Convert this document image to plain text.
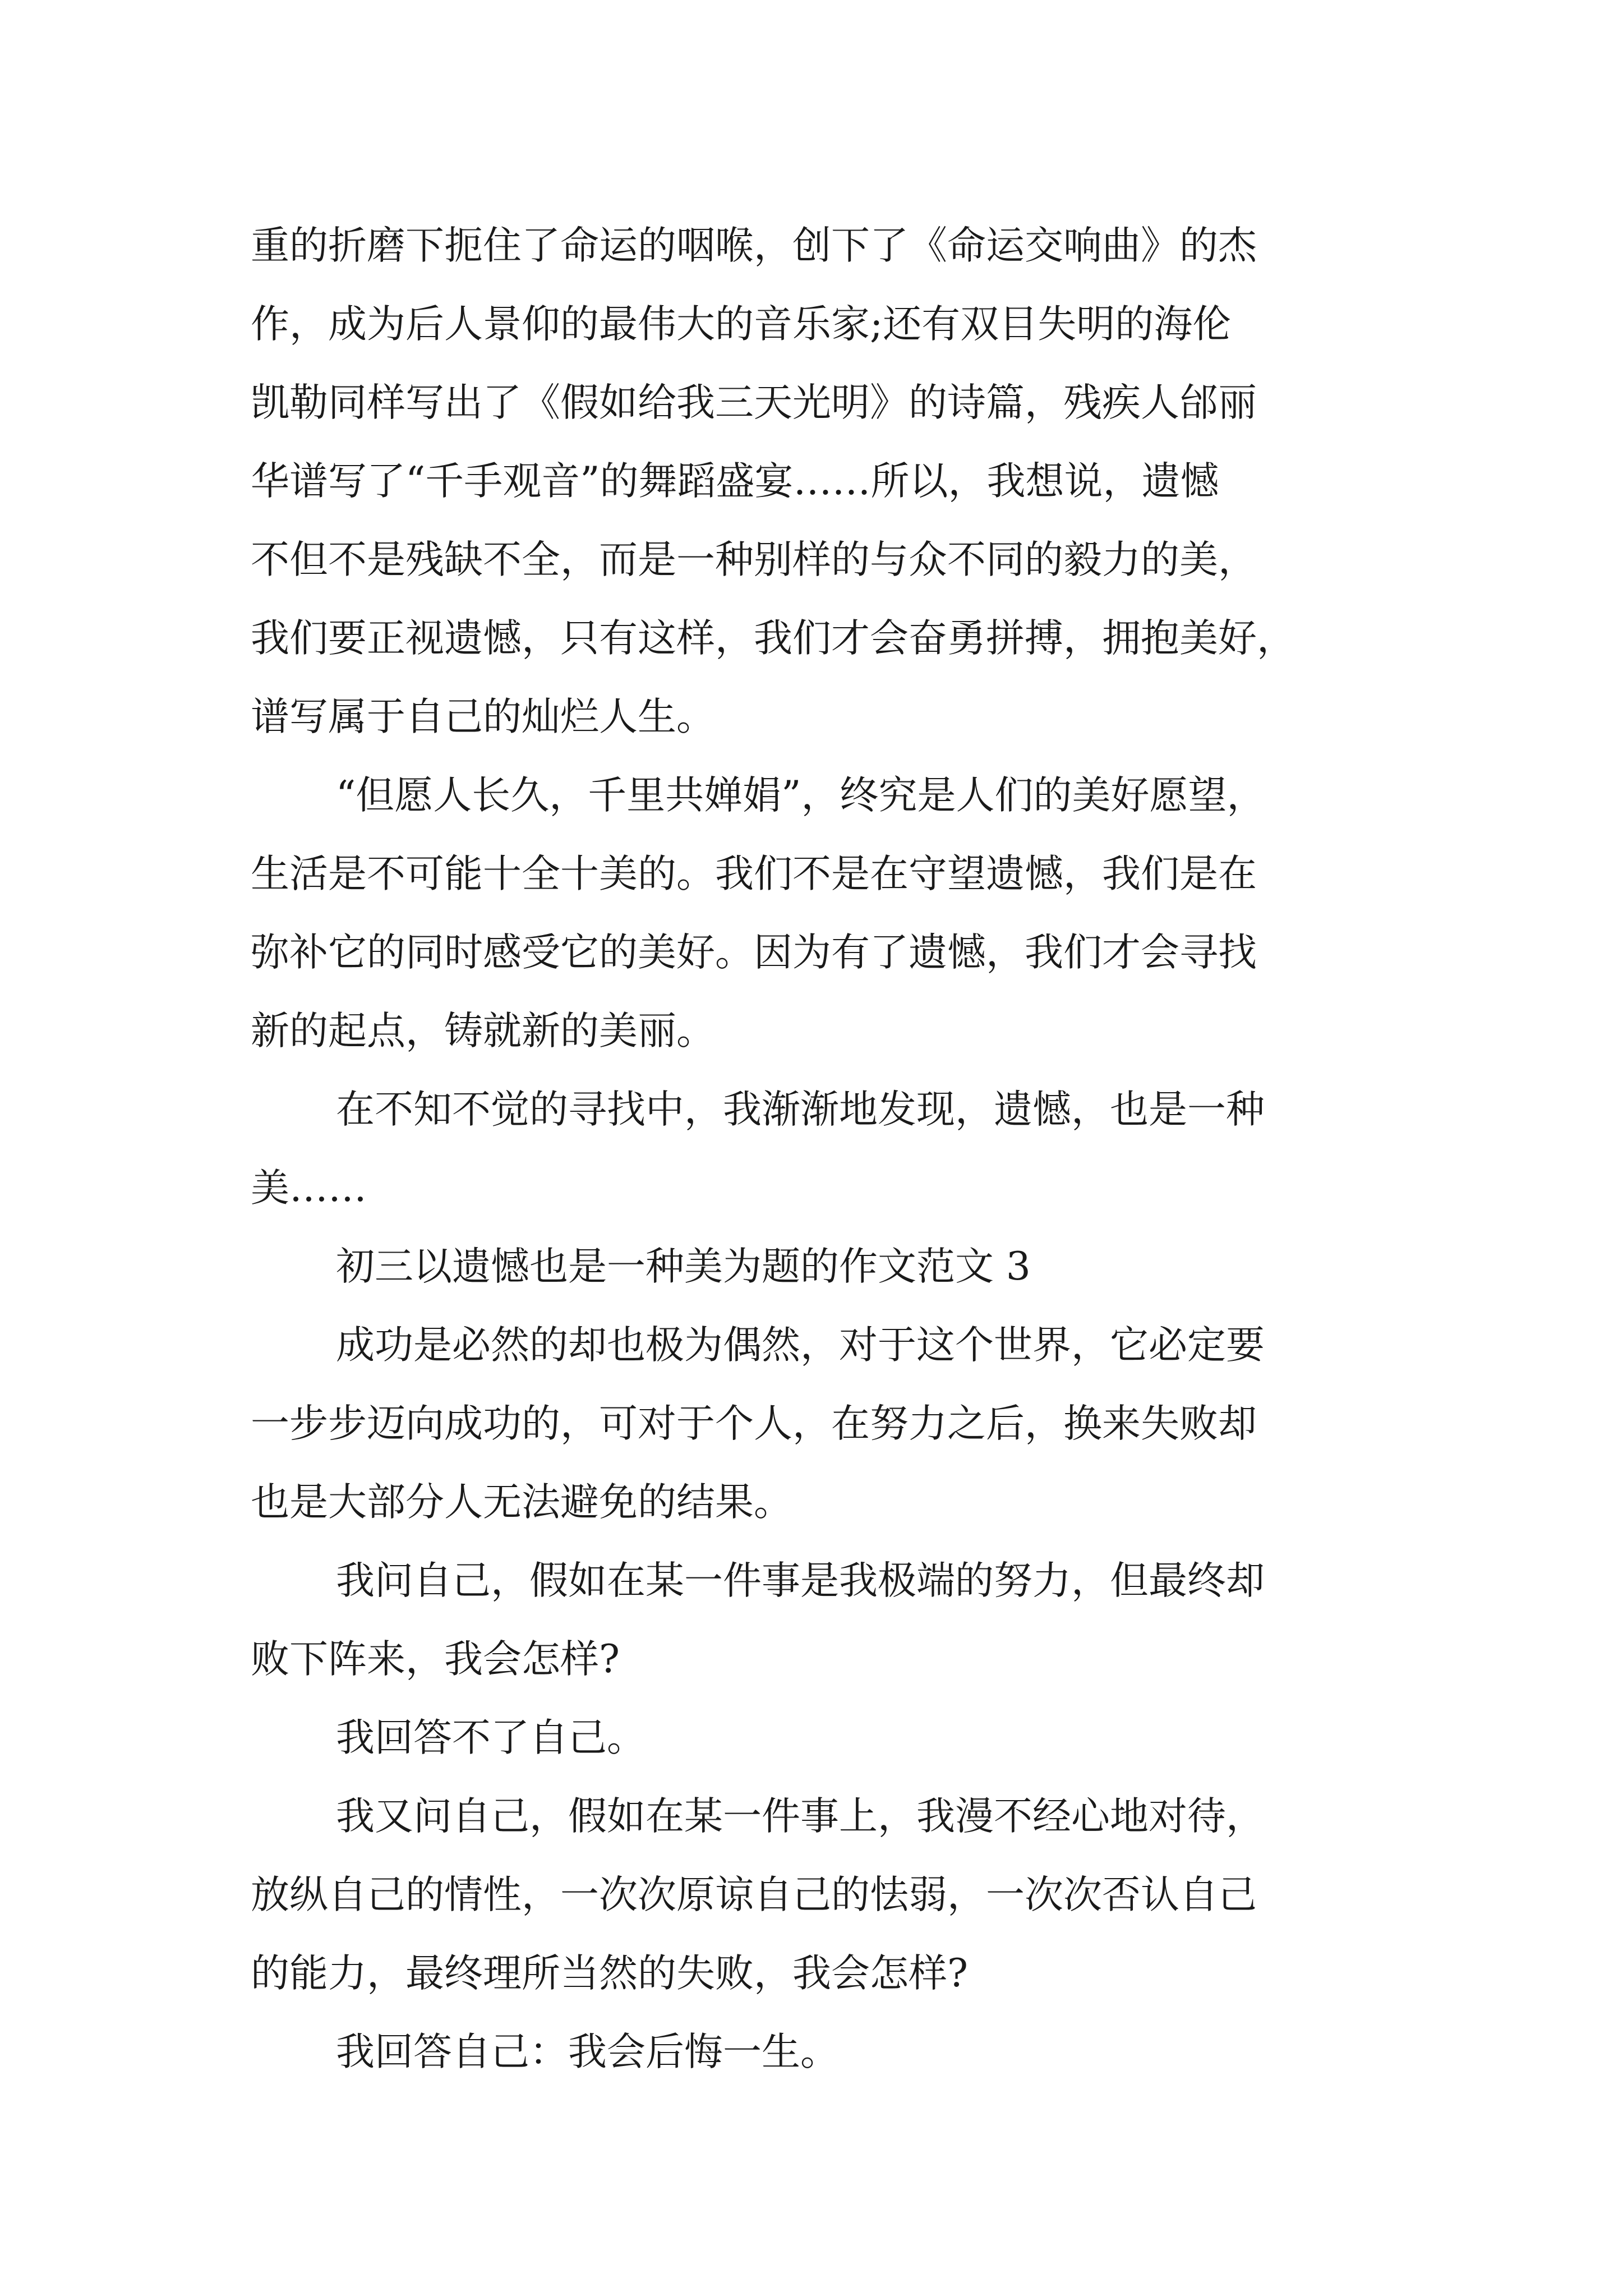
重的折磨下扼住了命运的咽喉，创下了《命运交响曲》的杰
作，成为后人景仰的最伟大的音乐家;还有双目失明的海伦
凯勒同样写出了《假如给我三天光明》的诗篇，残疾人邰丽
华谱写了“千手观音”的舞蹈盛宴……所以，我想说，遗憾
不但不是残缺不全，而是一种别样的与众不同的毅力的美，
我们要正视遗憾，只有这样，我们才会奋勇拼搏，拥抱美好，
谱写属于自己的灿烂人生。
“但愿人长久，千里共婵娟”，终究是人们的美好愿望，
生活是不可能十全十美的。我们不是在守望遗憾，我们是在
弥补它的同时感受它的美好。因为有了遗憾，我们才会寻找
新的起点，铸就新的美丽。
在不知不觉的寻找中，我渐渐地发现，遗憾，也是一种
美……
初三以遗憾也是一种美为题的作文范文 3
成功是必然的却也极为偶然，对于这个世界，它必定要
一步步迈向成功的，可对于个人，在努力之后，换来失败却
也是大部分人无法避免的结果。
我问自己，假如在某一件事是我极端的努力，但最终却
败下阵来，我会怎样?
我回答不了自己。
我又问自己，假如在某一件事上，我漫不经心地对待，
放纵自己的情性，一次次原谅自己的怯弱，一次次否认自己
的能力，最终理所当然的失败，我会怎样?
我回答自己：我会后悔一生。
